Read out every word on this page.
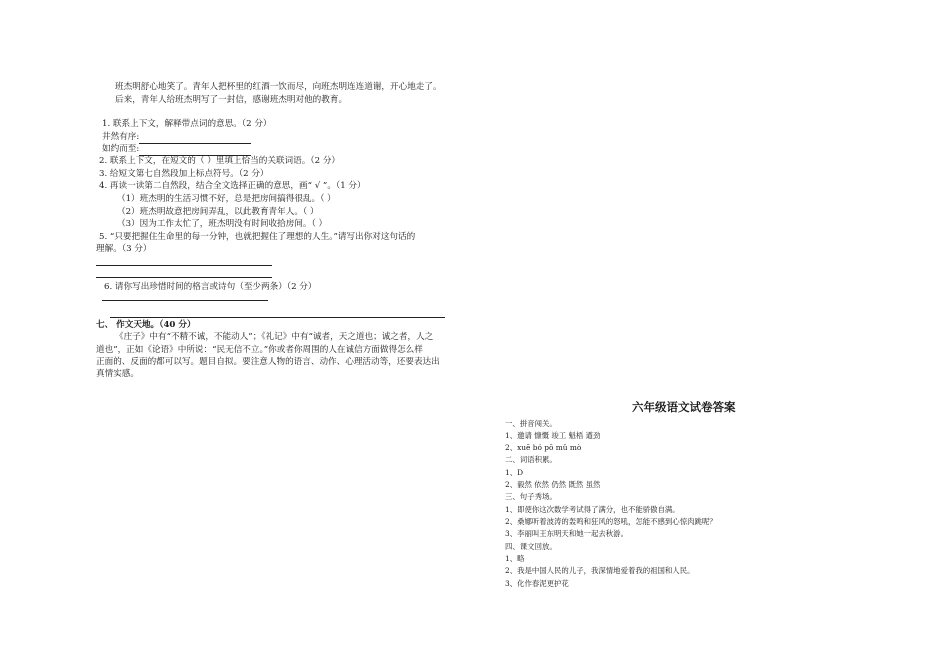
班杰明舒心地笑了。青年人把杯里的红酒一饮而尽，向班杰明连连道谢，开心地走了。
后来，青年人给班杰明写了一封信，感谢班杰明对他的教育。
1. 联系上下文，解释带点词的意思。（2 分）
井然有序:
如约而至:
2. 联系上下文，在短文的（ ）里填上恰当的关联词语。（2 分）
3. 给短文第七自然段加上标点符号。（2 分）
4. 再读一读第二自然段，结合全文选择正确的意思，画“ √ ”。（1 分）
（1）班杰明的生活习惯不好，总是把房间搞得很乱。（ ）
（2）班杰明故意把房间弄乱，以此教育青年人。（ ）
（3）因为工作太忙了，班杰明没有时间收拾房间。（ ）
5. “只要把握住生命里的每一分钟，也就把握住了理想的人生。”请写出你对这句话的
理解。（3 分）
6. 请你写出珍惜时间的格言或诗句（至少两条）（2 分）
七、 作文天地。（40 分）
《庄子》中有“不精不诚，不能动人”；《礼记》中有“诚者，天之道也；诚之者，人之
道也”，正如《论语》中所说：“民无信不立。”你或者你周围的人在诚信方面做得怎么样
正面的、反面的都可以写。题目自拟。要注意人物的语言、动作、心理活动等，还要表达出
真情实感。
六年级语文试卷答案
一、拼音闯关。
1、邀请 慷慨 竣工 魁梧 遒劲
2、xuē bó pō mǔ mò
二、词语积累。
1、D
2、毅然 依然 仍然 既然 虽然
三、句子秀场。
1、即使你这次数学考试得了满分，也不能骄傲自满。
2、桑娜听着波涛的轰鸣和狂风的怒吼，怎能不感到心惊肉跳呢？
3、李丽叫王东明天和她一起去秋游。
四、课文回放。
1、略
2、我是中国人民的儿子，我深情地爱着我的祖国和人民。
3、化作春泥更护花
